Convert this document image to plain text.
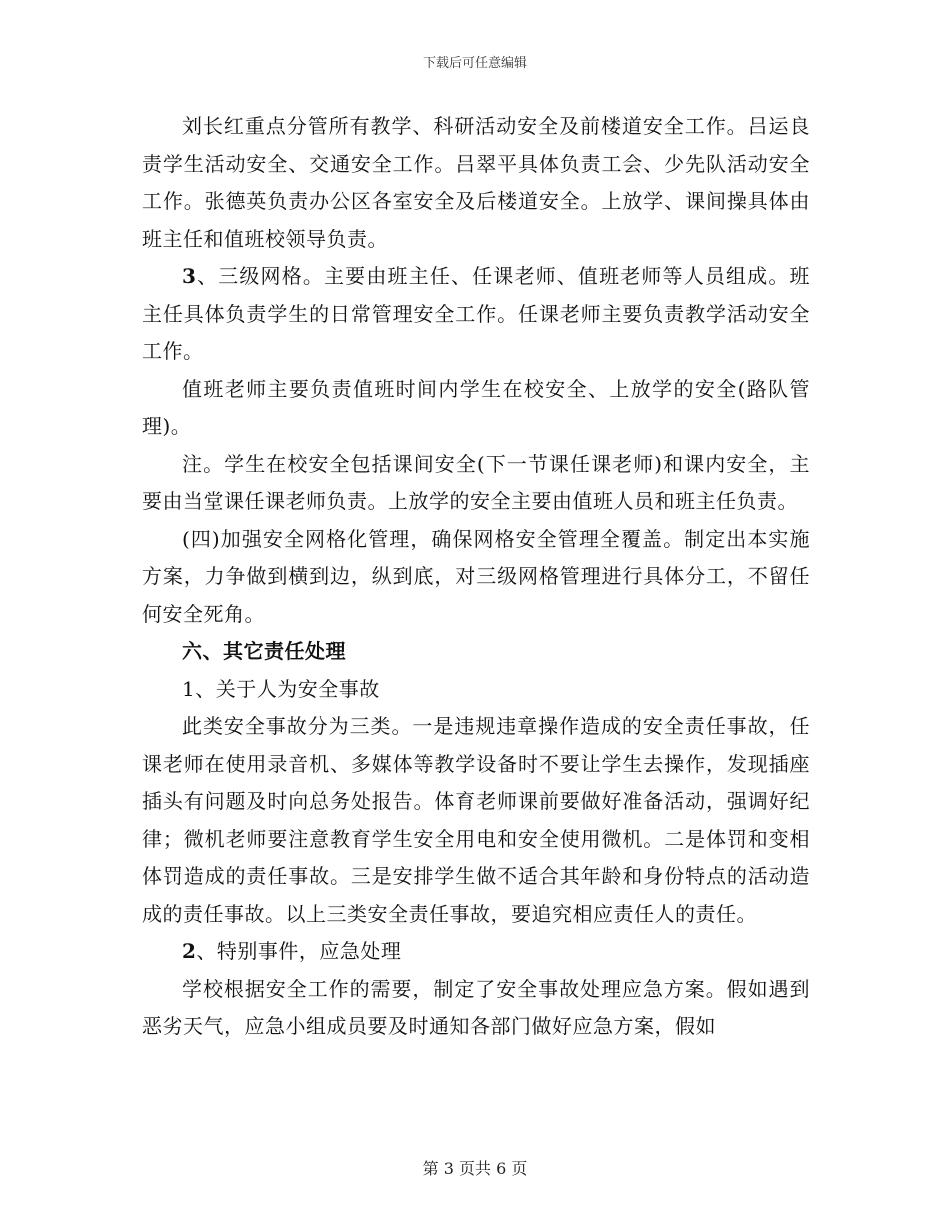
下载后可任意编辑

刘长红重点分管所有教学、科研活动安全及前楼道安全工作。吕运良责学生活动安全、交通安全工作。吕翠平具体负责工会、少先队活动安全工作。张德英负责办公区各室安全及后楼道安全。上放学、课间操具体由班主任和值班校领导负责。

3、三级网格。主要由班主任、任课老师、值班老师等人员组成。班主任具体负责学生的日常管理安全工作。任课老师主要负责教学活动安全工作。

值班老师主要负责值班时间内学生在校安全、上放学的安全(路队管理)。

注。学生在校安全包括课间安全(下一节课任课老师)和课内安全，主要由当堂课任课老师负责。上放学的安全主要由值班人员和班主任负责。

(四)加强安全网格化管理，确保网格安全管理全覆盖。制定出本实施方案，力争做到横到边，纵到底，对三级网格管理进行具体分工，不留任何安全死角。

六、其它责任处理

1、关于人为安全事故

此类安全事故分为三类。一是违规违章操作造成的安全责任事故，任课老师在使用录音机、多媒体等教学设备时不要让学生去操作，发现插座插头有问题及时向总务处报告。体育老师课前要做好准备活动，强调好纪律；微机老师要注意教育学生安全用电和安全使用微机。二是体罚和变相体罚造成的责任事故。三是安排学生做不适合其年龄和身份特点的活动造成的责任事故。以上三类安全责任事故，要追究相应责任人的责任。

2、特别事件，应急处理

学校根据安全工作的需要，制定了安全事故处理应急方案。假如遇到恶劣天气，应急小组成员要及时通知各部门做好应急方案，假如

第 3 页共 6 页
